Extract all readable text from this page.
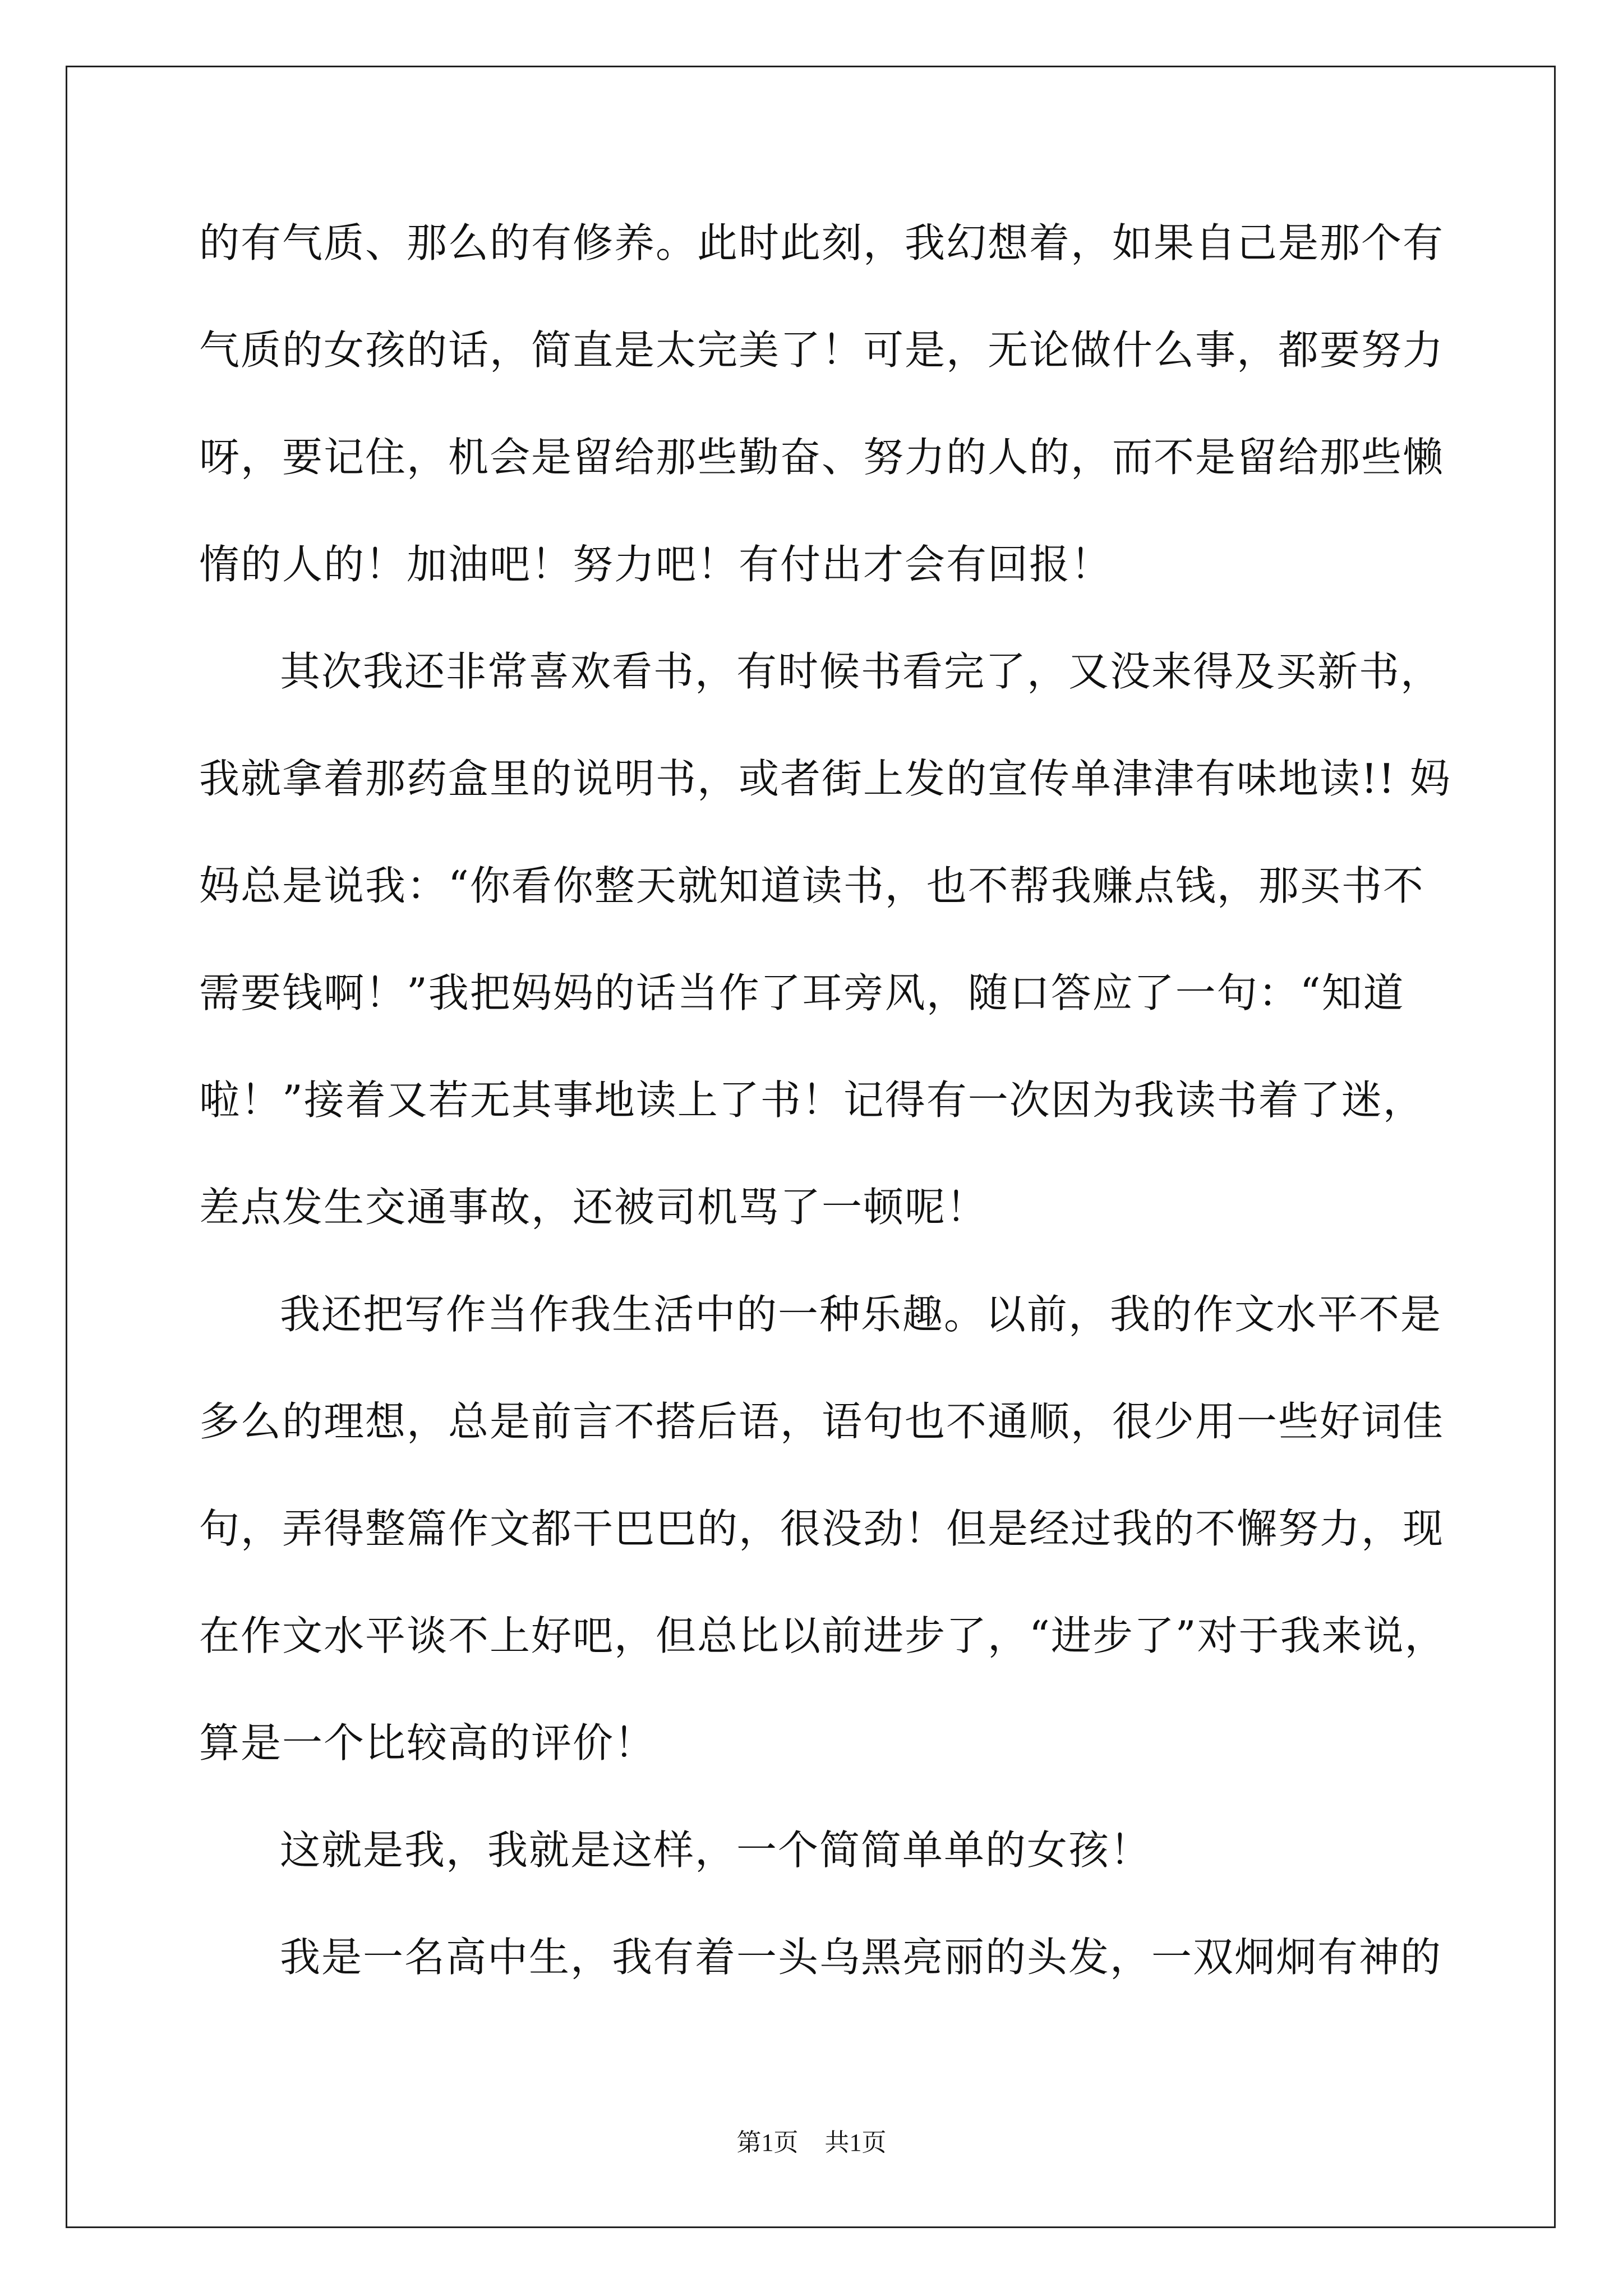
的有气质、那么的有修养。此时此刻，我幻想着，如果自己是那个有
气质的女孩的话，简直是太完美了！可是，无论做什么事，都要努力
呀，要记住，机会是留给那些勤奋、努力的人的，而不是留给那些懒
惰的人的！加油吧！努力吧！有付出才会有回报！
其次我还非常喜欢看书，有时候书看完了，又没来得及买新书，
我就拿着那药盒里的说明书，或者街上发的宣传单津津有味地读!! 妈
妈总是说我：“你看你整天就知道读书，也不帮我赚点钱，那买书不
需要钱啊！”我把妈妈的话当作了耳旁风，随口答应了一句：“知道
啦！”接着又若无其事地读上了书！记得有一次因为我读书着了迷，
差点发生交通事故，还被司机骂了一顿呢！
我还把写作当作我生活中的一种乐趣。以前，我的作文水平不是
多么的理想，总是前言不搭后语，语句也不通顺，很少用一些好词佳
句，弄得整篇作文都干巴巴的，很没劲！但是经过我的不懈努力，现
在作文水平谈不上好吧，但总比以前进步了，“进步了”对于我来说，
算是一个比较高的评价！
这就是我，我就是这样，一个简简单单的女孩！
我是一名高中生，我有着一头乌黑亮丽的头发，一双炯炯有神的
第1页 共1页
